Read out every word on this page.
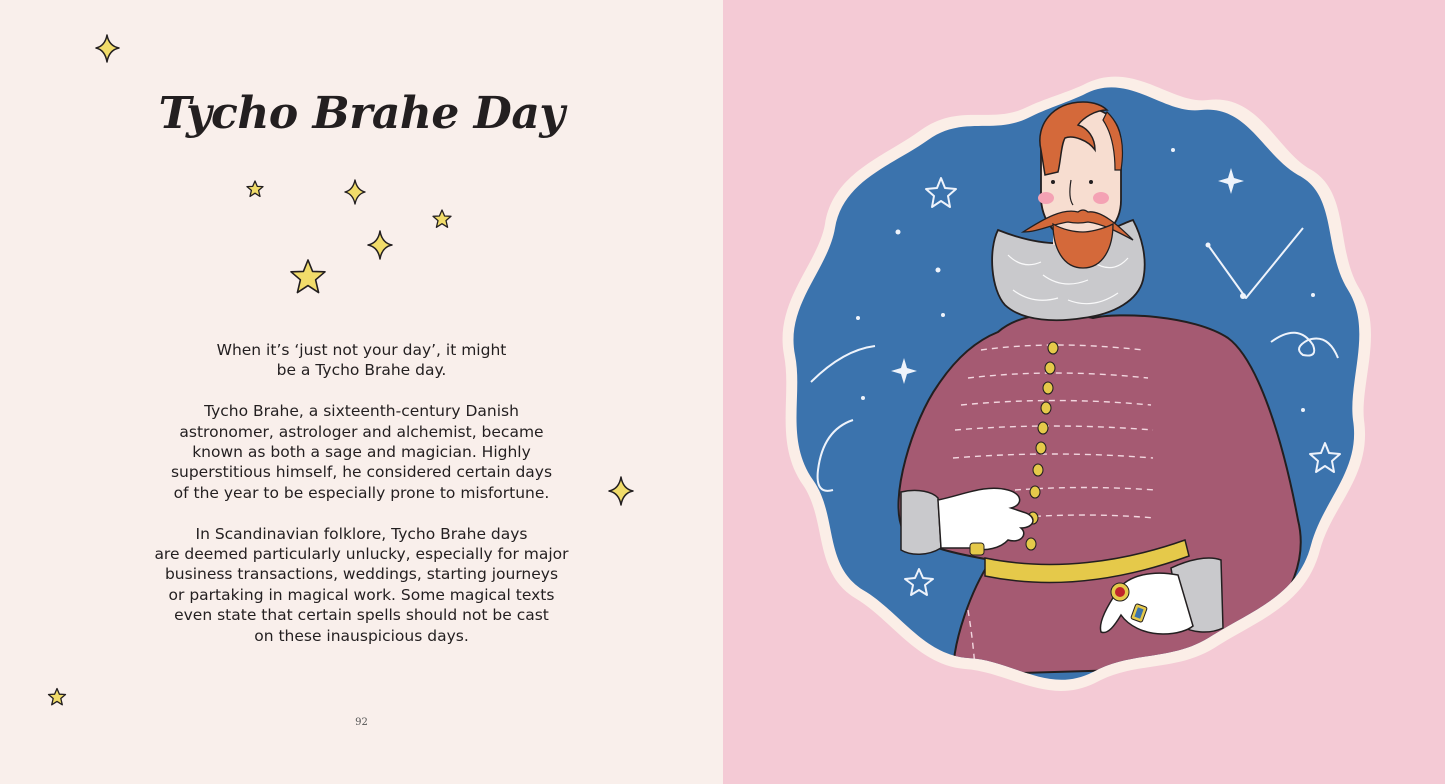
Tycho Brahe Day

When it’s ‘just not your day’, it might
be a Tycho Brahe day.

Tycho Brahe, a sixteenth-century Danish
astronomer, astrologer and alchemist, became
known as both a sage and magician. Highly
superstitious himself, he considered certain days
of the year to be especially prone to misfortune.

In Scandinavian folklore, Tycho Brahe days
are deemed particularly unlucky, especially for major
business transactions, weddings, starting journeys
or partaking in magical work. Some magical texts
even state that certain spells should not be cast
on these inauspicious days.

92
